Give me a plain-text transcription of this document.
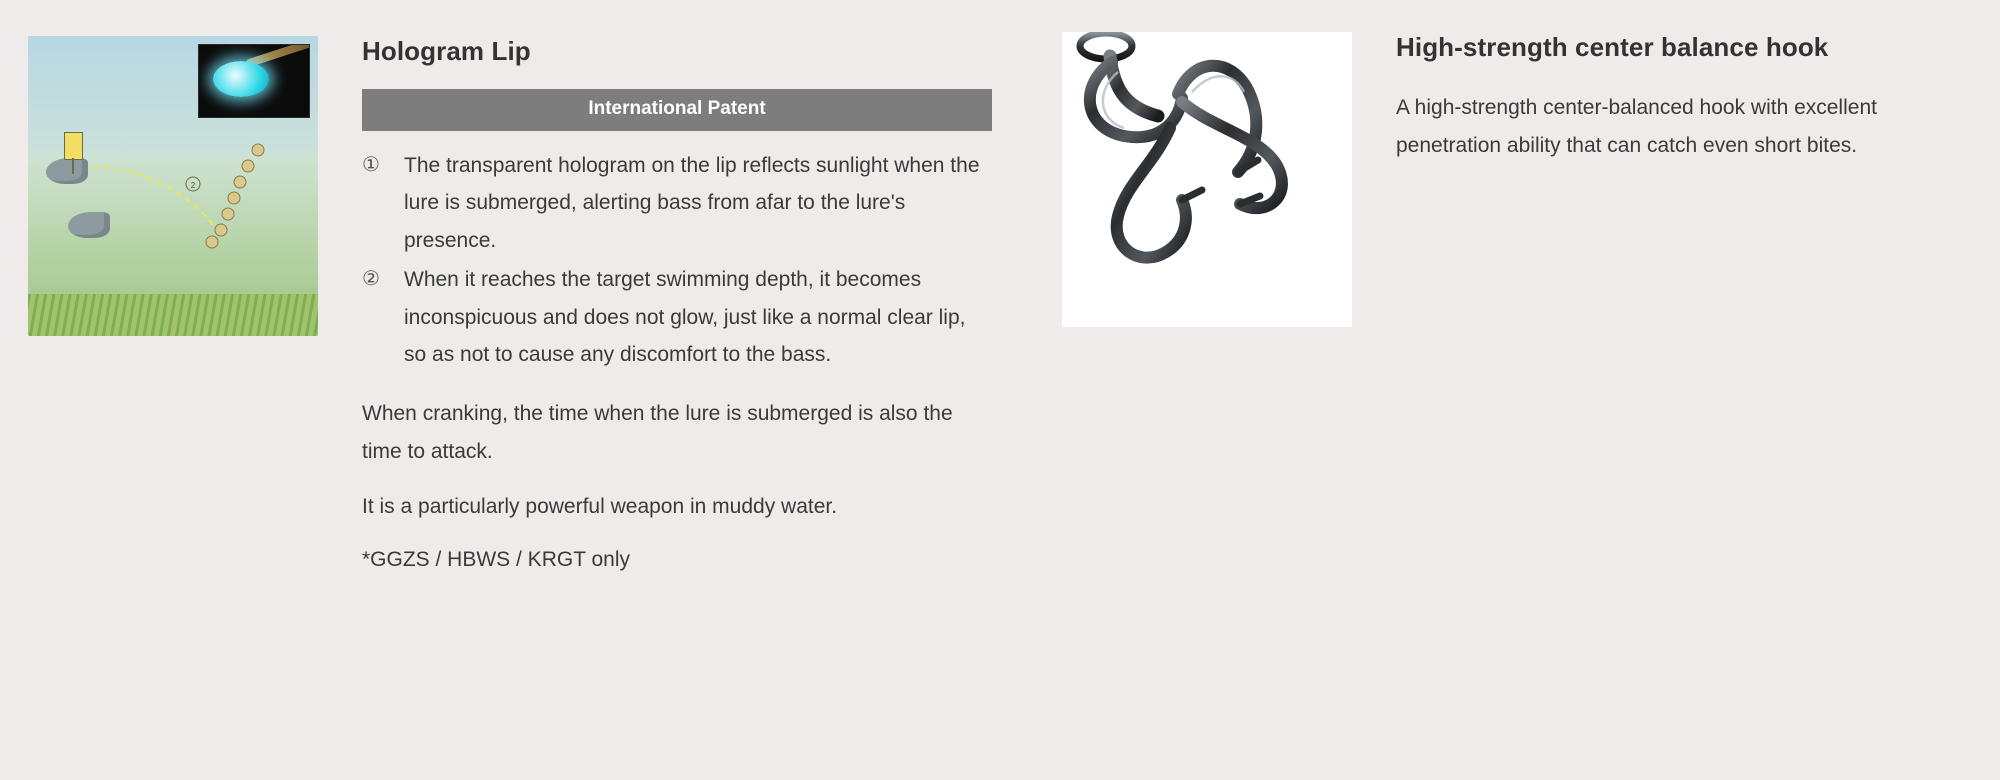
2
Hologram Lip
International Patent
①	The transparent hologram on the lip reflects sunlight when the lure is submerged, alerting bass from afar to the lure's presence.
②	When it reaches the target swimming depth, it becomes inconspicuous and does not glow, just like a normal clear lip, so as not to cause any discomfort to the bass.

When cranking, the time when the lure is submerged is also the time to attack.

It is a particularly powerful weapon in muddy water.

*GGZS / HBWS / KRGT only

High-strength center balance hook

A high-strength center-balanced hook with excellent penetration ability that can catch even short bites.
